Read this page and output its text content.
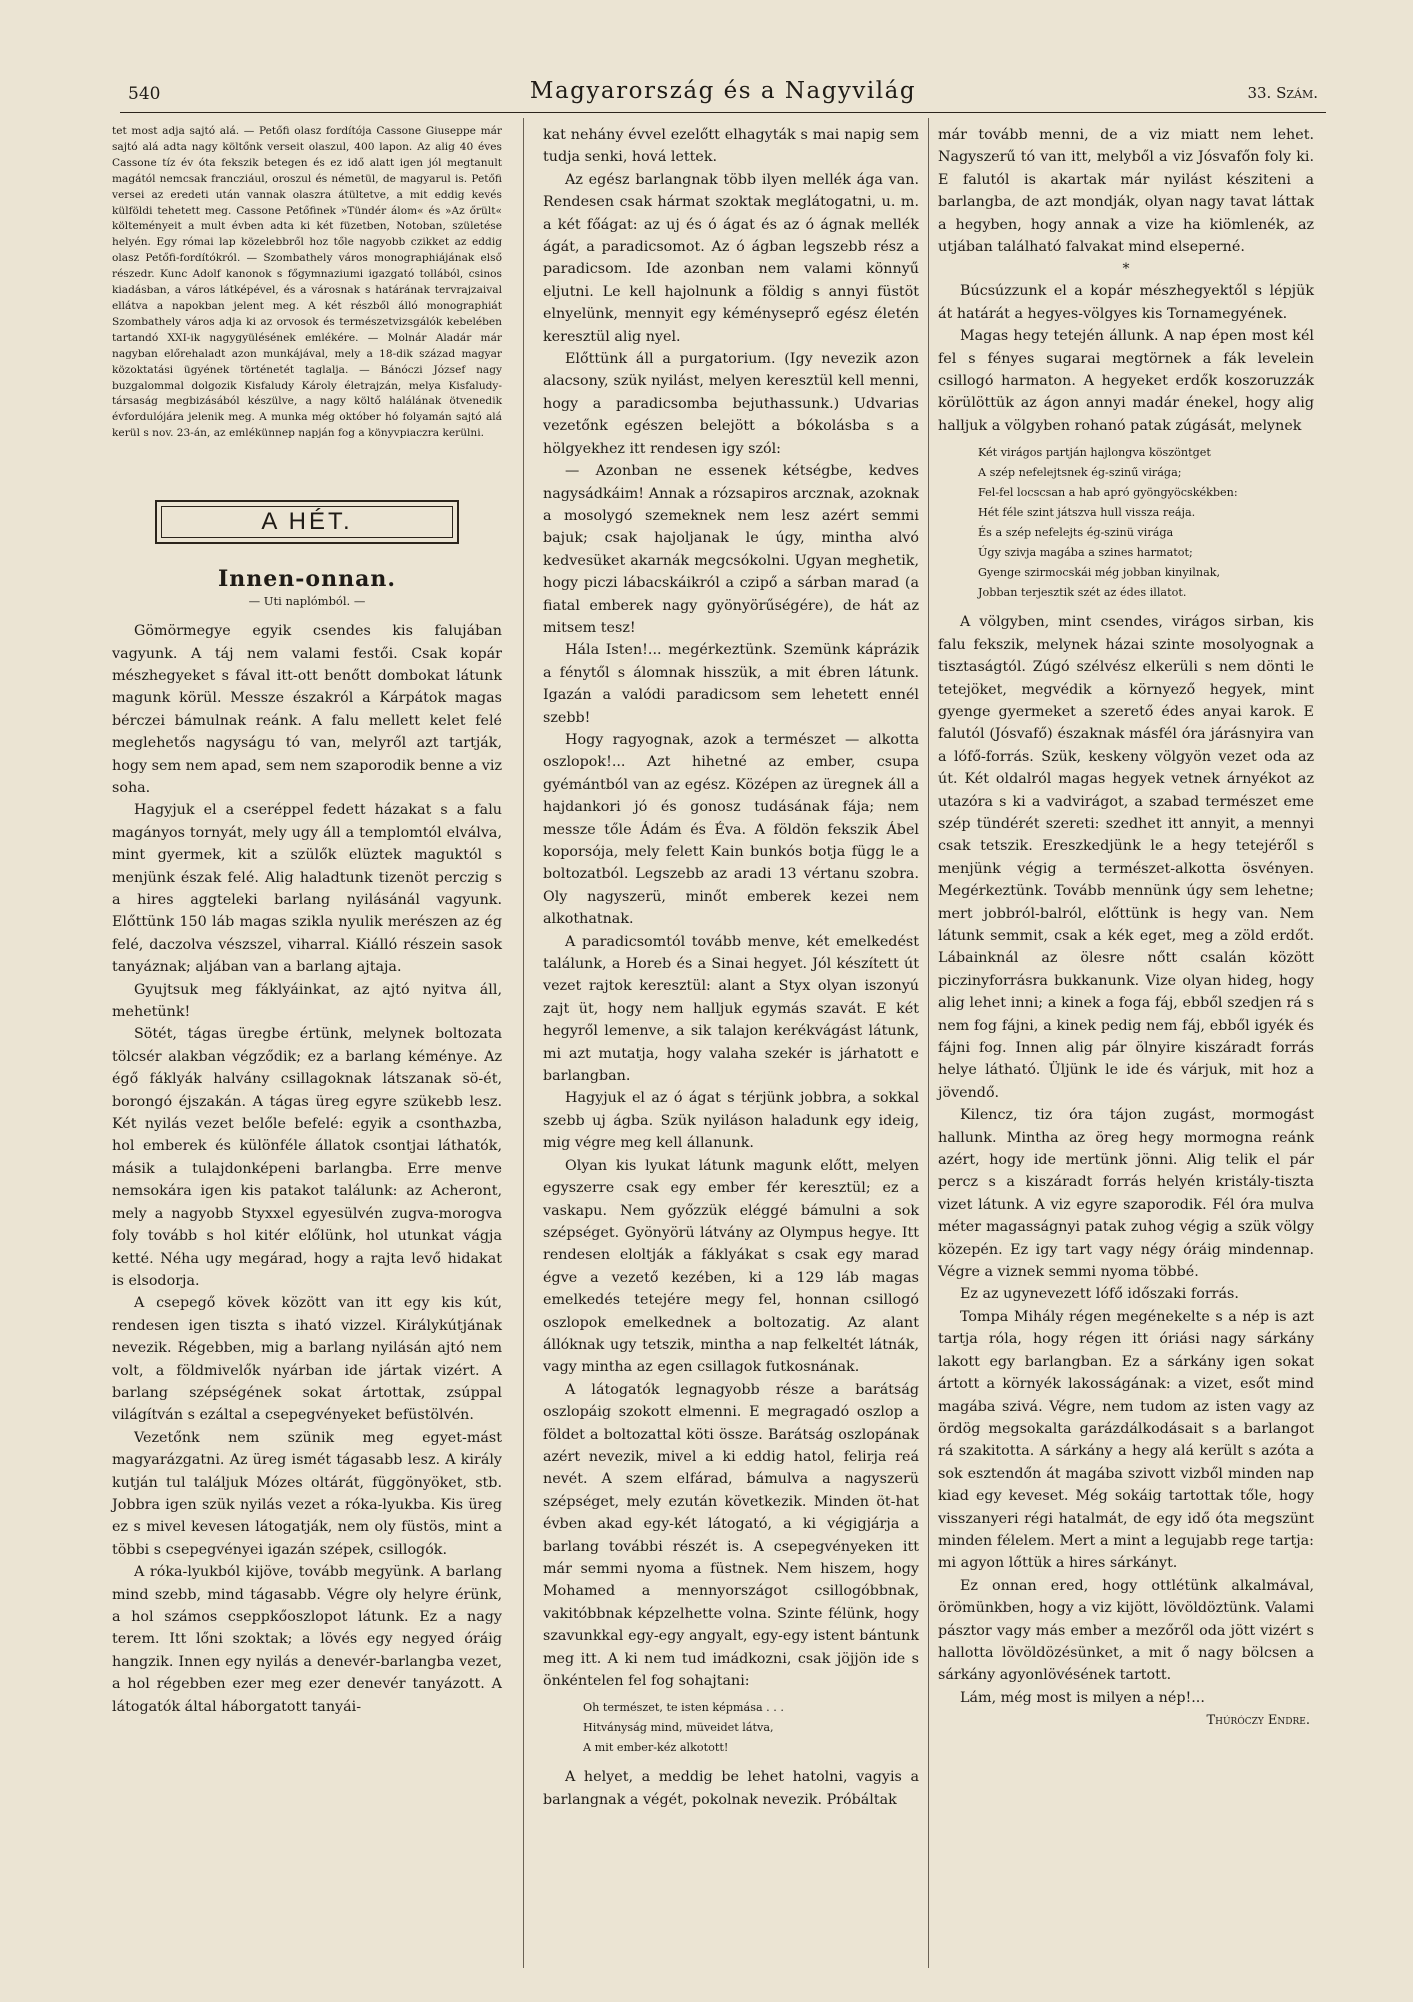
540	Magyarország és a Nagyvilág	33. Szám.

tet most adja sajtó alá. — Petőfi olasz fordítója Cassone Giuseppe már sajtó alá adta nagy költőnk verseit olaszul, 400 lapon. Az alig 40 éves Cassone tíz év óta fekszik betegen és ez idő alatt igen jól megtanult magától nemcsak francziául, oroszul és németül, de magyarul is. Petőfi versei az eredeti után vannak olaszra átültetve, a mit eddig kevés külföldi tehetett meg. Cassone Petőfinek »Tündér álom« és »Az őrült« költeményeit a mult évben adta ki két füzetben, Notoban, születése helyén. Egy római lap közelebbről hoz tőle nagyobb czikket az eddig olasz Petőfi-fordítókról. — Szombathely város monographiájának első részedr. Kunc Adolf kanonok s főgymnaziumi igazgató tollából, csinos kiadásban, a város látképével, és a városnak s határának tervrajzaival ellátva a napokban jelent meg. A két részből álló monographiát Szombathely város adja ki az orvosok és természetvizsgálók kebelében tartandó XXI-ik nagygyülésének emlékére. — Molnár Aladár már nagyban előrehaladt azon munkájával, mely a 18-dik század magyar közoktatási ügyének történetét taglalja. — Bánóczi József nagy buzgalommal dolgozik Kisfaludy Károly életrajzán, melya Kisfaludy-társaság megbizásából készülve, a nagy költő halálának ötvenedik évfordulójára jelenik meg. A munka még október hó folyamán sajtó alá kerül s nov. 23-án, az emlékünnep napján fog a könyvpiaczra kerülni.

A HÉT.
Innen-onnan.
— Uti naplómból. —

Gömörmegye egyik csendes kis falujában vagyunk. A táj nem valami festői. Csak kopár mészhegyeket s fával itt-ott benőtt dombokat látunk magunk körül. Messze északról a Kárpátok magas bérczei bámulnak reánk. A falu mellett kelet felé meglehetős nagyságu tó van, melyről azt tartják, hogy sem nem apad, sem nem szaporodik benne a viz soha.

Hagyjuk el a cseréppel fedett házakat s a falu magányos tornyát, mely ugy áll a templomtól elválva, mint gyermek, kit a szülők elüztek maguktól s menjünk észak felé. Alig haladtunk tizenöt perczig s a hires aggteleki barlang nyilásánál vagyunk. Előttünk 150 láb magas szikla nyulik merészen az ég felé, daczolva vészszel, viharral. Kiálló részein sasok tanyáznak; aljában van a barlang ajtaja.

Gyujtsuk meg fáklyáinkat, az ajtó nyitva áll, mehetünk!

Sötét, tágas üregbe értünk, melynek boltozata tölcsér alakban végződik; ez a barlang kéménye. Az égő fáklyák halvány csillagoknak látszanak sö-ét, borongó éjszakán. A tágas üreg egyre szükebb lesz. Két nyilás vezet belőle befelé: egyik a csonthᴀzba, hol emberek és különféle állatok csontjai láthatók, másik a tulajdonképeni barlangba. Erre menve nemsokára igen kis patakot találunk: az Acheront, mely a nagyobb Styxxel egyesülvén zugva-morogva foly tovább s hol kitér előlünk, hol utunkat vágja ketté. Néha ugy megárad, hogy a rajta levő hidakat is elsodorja.

A csepegő kövek között van itt egy kis kút, rendesen igen tiszta s iható vizzel. Királykútjának nevezik. Régebben, mig a barlang nyilásán ajtó nem volt, a földmivelők nyárban ide jártak vizért. A barlang szépségének sokat ártottak, zsúppal világítván s ezáltal a csepegvényeket befüstölvén.

Vezetőnk nem szünik meg egyet-mást magyarázgatni. Az üreg ismét tágasabb lesz. A király kutján tul találjuk Mózes oltárát, függönyöket, stb. Jobbra igen szük nyilás vezet a róka-lyukba. Kis üreg ez s mivel kevesen látogatják, nem oly füstös, mint a többi s csepegvényei igazán szépek, csillogók.

A róka-lyukból kijöve, tovább megyünk. A barlang mind szebb, mind tágasabb. Végre oly helyre érünk, a hol számos cseppkőoszlopot látunk. Ez a nagy terem. Itt lőni szoktak; a lövés egy negyed óráig hangzik. Innen egy nyilás a denevér-barlangba vezet, a hol régebben ezer meg ezer denevér tanyázott. A látogatók által háborgatott tanyái-

kat nehány évvel ezelőtt elhagyták s mai napig sem tudja senki, hová lettek.

Az egész barlangnak több ilyen mellék ága van. Rendesen csak hármat szoktak meglátogatni, u. m. a két főágat: az uj és ó ágat és az ó ágnak mellék ágát, a paradicsomot. Az ó ágban legszebb rész a paradicsom. Ide azonban nem valami könnyű eljutni. Le kell hajolnunk a földig s annyi füstöt elnyelünk, mennyit egy kéményseprő egész életén keresztül alig nyel.

Előttünk áll a purgatorium. (Igy nevezik azon alacsony, szük nyilást, melyen keresztül kell menni, hogy a paradicsomba bejuthassunk.) Udvarias vezetőnk egészen belejött a bókolásba s a hölgyekhez itt rendesen igy szól:

— Azonban ne essenek kétségbe, kedves nagysádkáim! Annak a rózsapiros arcznak, azoknak a mosolygó szemeknek nem lesz azért semmi bajuk; csak hajoljanak le úgy, mintha alvó kedvesüket akarnák megcsókolni. Ugyan meghetik, hogy piczi lábacskáikról a czipő a sárban marad (a fiatal emberek nagy gyönyörűségére), de hát az mitsem tesz!

Hála Isten!... megérkeztünk. Szemünk káprázik a fénytől s álomnak hisszük, a mit ébren látunk. Igazán a valódi paradicsom sem lehetett ennél szebb!

Hogy ragyognak, azok a természet — alkotta oszlopok!... Azt hihetné az ember, csupa gyémántból van az egész. Középen az üregnek áll a hajdankori jó és gonosz tudásának fája; nem messze tőle Ádám és Éva. A földön fekszik Ábel koporsója, mely felett Kain bunkós botja függ le a boltozatból. Legszebb az aradi 13 vértanu szobra. Oly nagyszerü, minőt emberek kezei nem alkothatnak.

A paradicsomtól tovább menve, két emelkedést találunk, a Horeb és a Sinai hegyet. Jól készített út vezet rajtok keresztül: alant a Styx olyan iszonyú zajt üt, hogy nem halljuk egymás szavát. E két hegyről lemenve, a sik talajon kerékvágást látunk, mi azt mutatja, hogy valaha szekér is járhatott e barlangban.

Hagyjuk el az ó ágat s térjünk jobbra, a sokkal szebb uj ágba. Szük nyiláson haladunk egy ideig, mig végre meg kell állanunk.

Olyan kis lyukat látunk magunk előtt, melyen egyszerre csak egy ember fér keresztül; ez a vaskapu. Nem győzzük eléggé bámulni a sok szépséget. Gyönyörü látvány az Olympus hegye. Itt rendesen eloltják a fáklyákat s csak egy marad égve a vezető kezében, ki a 129 láb magas emelkedés tetejére megy fel, honnan csillogó oszlopok emelkednek a boltozatig. Az alant állóknak ugy tetszik, mintha a nap felkeltét látnák, vagy mintha az egen csillagok futkosnának.

A látogatók legnagyobb része a barátság oszlopáig szokott elmenni. E megragadó oszlop a földet a boltozattal köti össze. Barátság oszlopának azért nevezik, mivel a ki eddig hatol, felirja reá nevét. A szem elfárad, bámulva a nagyszerü szépséget, mely ezután következik. Minden öt-hat évben akad egy-két látogató, a ki végigjárja a barlang további részét is. A csepegvényeken itt már semmi nyoma a füstnek. Nem hiszem, hogy Mohamed a mennyországot csillogóbbnak, vakitóbbnak képzelhette volna. Szinte félünk, hogy szavunkkal egy-egy angyalt, egy-egy istent bántunk meg itt. A ki nem tud imádkozni, csak jöjjön ide s önkéntelen fel fog sohajtani:

Oh természet, te isten képmása . . .
Hitványság mind, müveidet látva,
A mit ember-kéz alkotott!

A helyet, a meddig be lehet hatolni, vagyis a barlangnak a végét, pokolnak nevezik. Próbáltak

már tovább menni, de a viz miatt nem lehet. Nagyszerű tó van itt, melyből a viz Jósvafőn foly ki. E falutól is akartak már nyilást késziteni a barlangba, de azt mondják, olyan nagy tavat láttak a hegyben, hogy annak a vize ha kiömlenék, az utjában található falvakat mind elseperné.

*

Búcsúzzunk el a kopár mészhegyektől s lépjük át határát a hegyes-völgyes kis Tornamegyének.

Magas hegy tetején állunk. A nap épen most kél fel s fényes sugarai megtörnek a fák levelein csillogó harmaton. A hegyeket erdők koszoruzzák körülöttük az ágon annyi madár énekel, hogy alig halljuk a völgyben rohanó patak zúgását, melynek

Két virágos partján hajlongva köszöntget
A szép nefelejtsnek ég-szinű virága;
Fel-fel locscsan a hab apró gyöngyöcskékben:
Hét féle szint játszva hull vissza reája.
És a szép nefelejts ég-szinü virága
Úgy szivja magába a szines harmatot;
Gyenge szirmocskái még jobban kinyilnak,
Jobban terjesztik szét az édes illatot.

A völgyben, mint csendes, virágos sirban, kis falu fekszik, melynek házai szinte mosolyognak a tisztaságtól. Zúgó szélvész elkerüli s nem dönti le tetejöket, megvédik a környező hegyek, mint gyenge gyermeket a szerető édes anyai karok. E falutól (Jósvafő) északnak másfél óra járásnyira van a lófő-forrás. Szük, keskeny völgyön vezet oda az út. Két oldalról magas hegyek vetnek árnyékot az utazóra s ki a vadvirágot, a szabad természet eme szép tündérét szereti: szedhet itt annyit, a mennyi csak tetszik. Ereszkedjünk le a hegy tetejéről s menjünk végig a természet-alkotta ösvényen. Megérkeztünk. Tovább mennünk úgy sem lehetne; mert jobbról-balról, előttünk is hegy van. Nem látunk semmit, csak a kék eget, meg a zöld erdőt. Lábainknál az ölesre nőtt csalán között piczinyforrásra bukkanunk. Vize olyan hideg, hogy alig lehet inni; a kinek a foga fáj, ebből szedjen rá s nem fog fájni, a kinek pedig nem fáj, ebből igyék és fájni fog. Innen alig pár ölnyire kiszáradt forrás helye látható. Üljünk le ide és várjuk, mit hoz a jövendő.

Kilencz, tiz óra tájon zugást, mormogást hallunk. Mintha az öreg hegy mormogna reánk azért, hogy ide mertünk jönni. Alig telik el pár percz s a kiszáradt forrás helyén kristály-tiszta vizet látunk. A viz egyre szaporodik. Fél óra mulva méter magasságnyi patak zuhog végig a szük völgy közepén. Ez igy tart vagy négy óráig mindennap. Végre a viznek semmi nyoma többé.

Ez az ugynevezett lófő időszaki forrás.

Tompa Mihály régen megénekelte s a nép is azt tartja róla, hogy régen itt óriási nagy sárkány lakott egy barlangban. Ez a sárkány igen sokat ártott a környék lakosságának: a vizet, esőt mind magába szivá. Végre, nem tudom az isten vagy az ördög megsokalta garázdálkodásait s a barlangot rá szakitotta. A sárkány a hegy alá került s azóta a sok esztendőn át magába szivott vizből minden nap kiad egy keveset. Még sokáig tartottak tőle, hogy visszanyeri régi hatalmát, de egy idő óta megszünt minden félelem. Mert a mint a legujabb rege tartja: mi agyon lőttük a hires sárkányt.

Ez onnan ered, hogy ottlétünk alkalmával, örömünkben, hogy a viz kijött, lövöldöztünk. Valami pásztor vagy más ember a mezőről oda jött vizért s hallotta lövöldözésünket, a mit ő nagy bölcsen a sárkány agyonlövésének tartott.

Lám, még most is milyen a nép!...

Thúróczy Endre.
